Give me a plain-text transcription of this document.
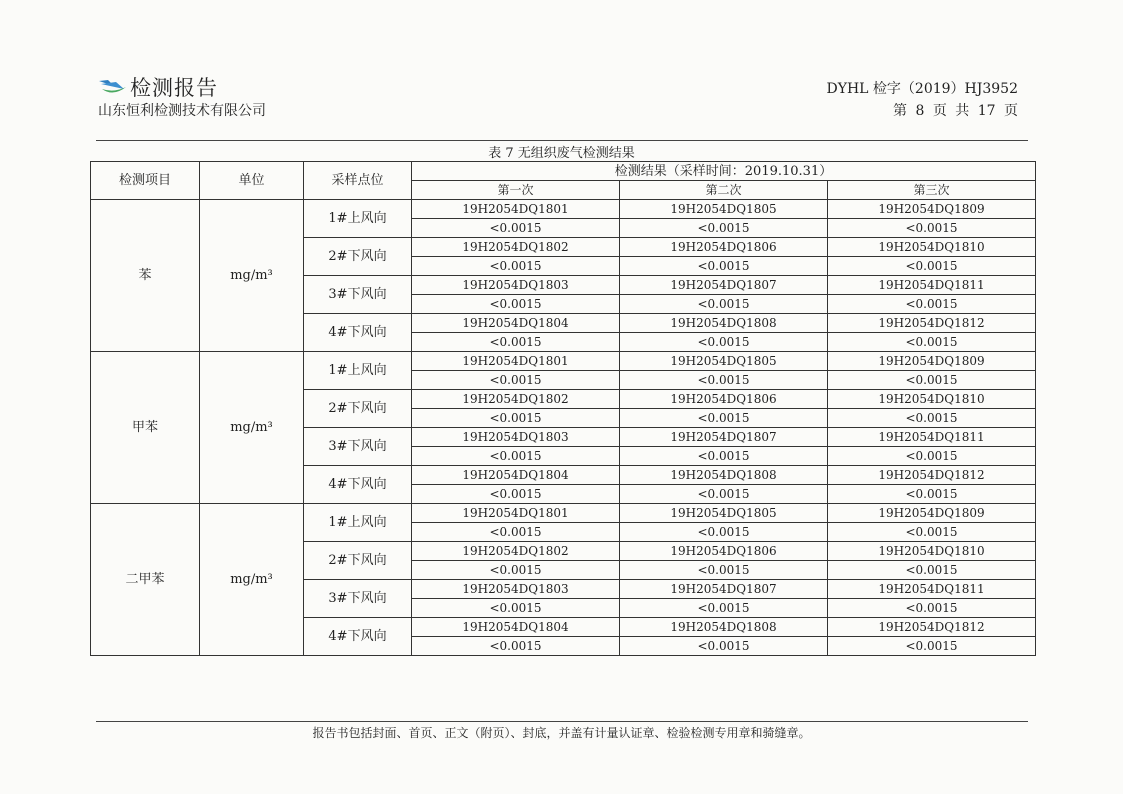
检测报告
山东恒利检测技术有限公司
DYHL 检字（2019）HJ3952
第 8 页 共 17 页
表 7 无组织废气检测结果
检测项目	单位	采样点位	检测结果（采样时间：2019.10.31）		
			第一次	第二次	第三次
苯	mg/m³	1#上风向	19H2054DQ1801	19H2054DQ1805	19H2054DQ1809
			<0.0015	<0.0015	<0.0015
		2#下风向	19H2054DQ1802	19H2054DQ1806	19H2054DQ1810
			<0.0015	<0.0015	<0.0015
		3#下风向	19H2054DQ1803	19H2054DQ1807	19H2054DQ1811
			<0.0015	<0.0015	<0.0015
		4#下风向	19H2054DQ1804	19H2054DQ1808	19H2054DQ1812
			<0.0015	<0.0015	<0.0015
甲苯	mg/m³	1#上风向	19H2054DQ1801	19H2054DQ1805	19H2054DQ1809
			<0.0015	<0.0015	<0.0015
		2#下风向	19H2054DQ1802	19H2054DQ1806	19H2054DQ1810
			<0.0015	<0.0015	<0.0015
		3#下风向	19H2054DQ1803	19H2054DQ1807	19H2054DQ1811
			<0.0015	<0.0015	<0.0015
		4#下风向	19H2054DQ1804	19H2054DQ1808	19H2054DQ1812
			<0.0015	<0.0015	<0.0015
二甲苯	mg/m³	1#上风向	19H2054DQ1801	19H2054DQ1805	19H2054DQ1809
			<0.0015	<0.0015	<0.0015
		2#下风向	19H2054DQ1802	19H2054DQ1806	19H2054DQ1810
			<0.0015	<0.0015	<0.0015
		3#下风向	19H2054DQ1803	19H2054DQ1807	19H2054DQ1811
			<0.0015	<0.0015	<0.0015
		4#下风向	19H2054DQ1804	19H2054DQ1808	19H2054DQ1812
			<0.0015	<0.0015	<0.0015
报告书包括封面、首页、正文（附页）、封底，并盖有计量认证章、检验检测专用章和骑缝章。
